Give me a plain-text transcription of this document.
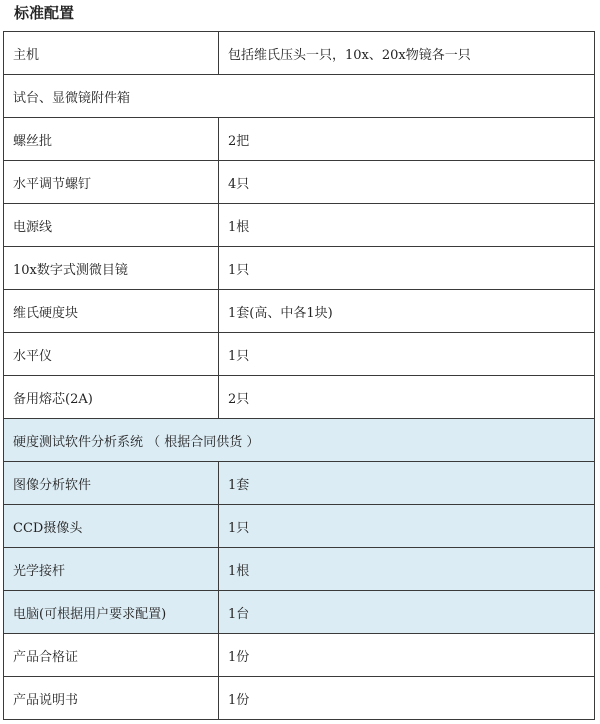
标准配置
主机	包括维氏压头一只，10x、20x物镜各一只
试台、显微镜附件箱	
螺丝批	2把
水平调节螺钉	4只
电源线	1根
10x数字式测微目镜	1只
维氏硬度块	1套(高、中各1块)
水平仪	1只
备用熔芯(2A)	2只
硬度测试软件分析系统 （ 根据合同供货 ）	
图像分析软件	1套
CCD摄像头	1只
光学接杆	1根
电脑(可根据用户要求配置)	1台
产品合格证	1份
产品说明书	1份
